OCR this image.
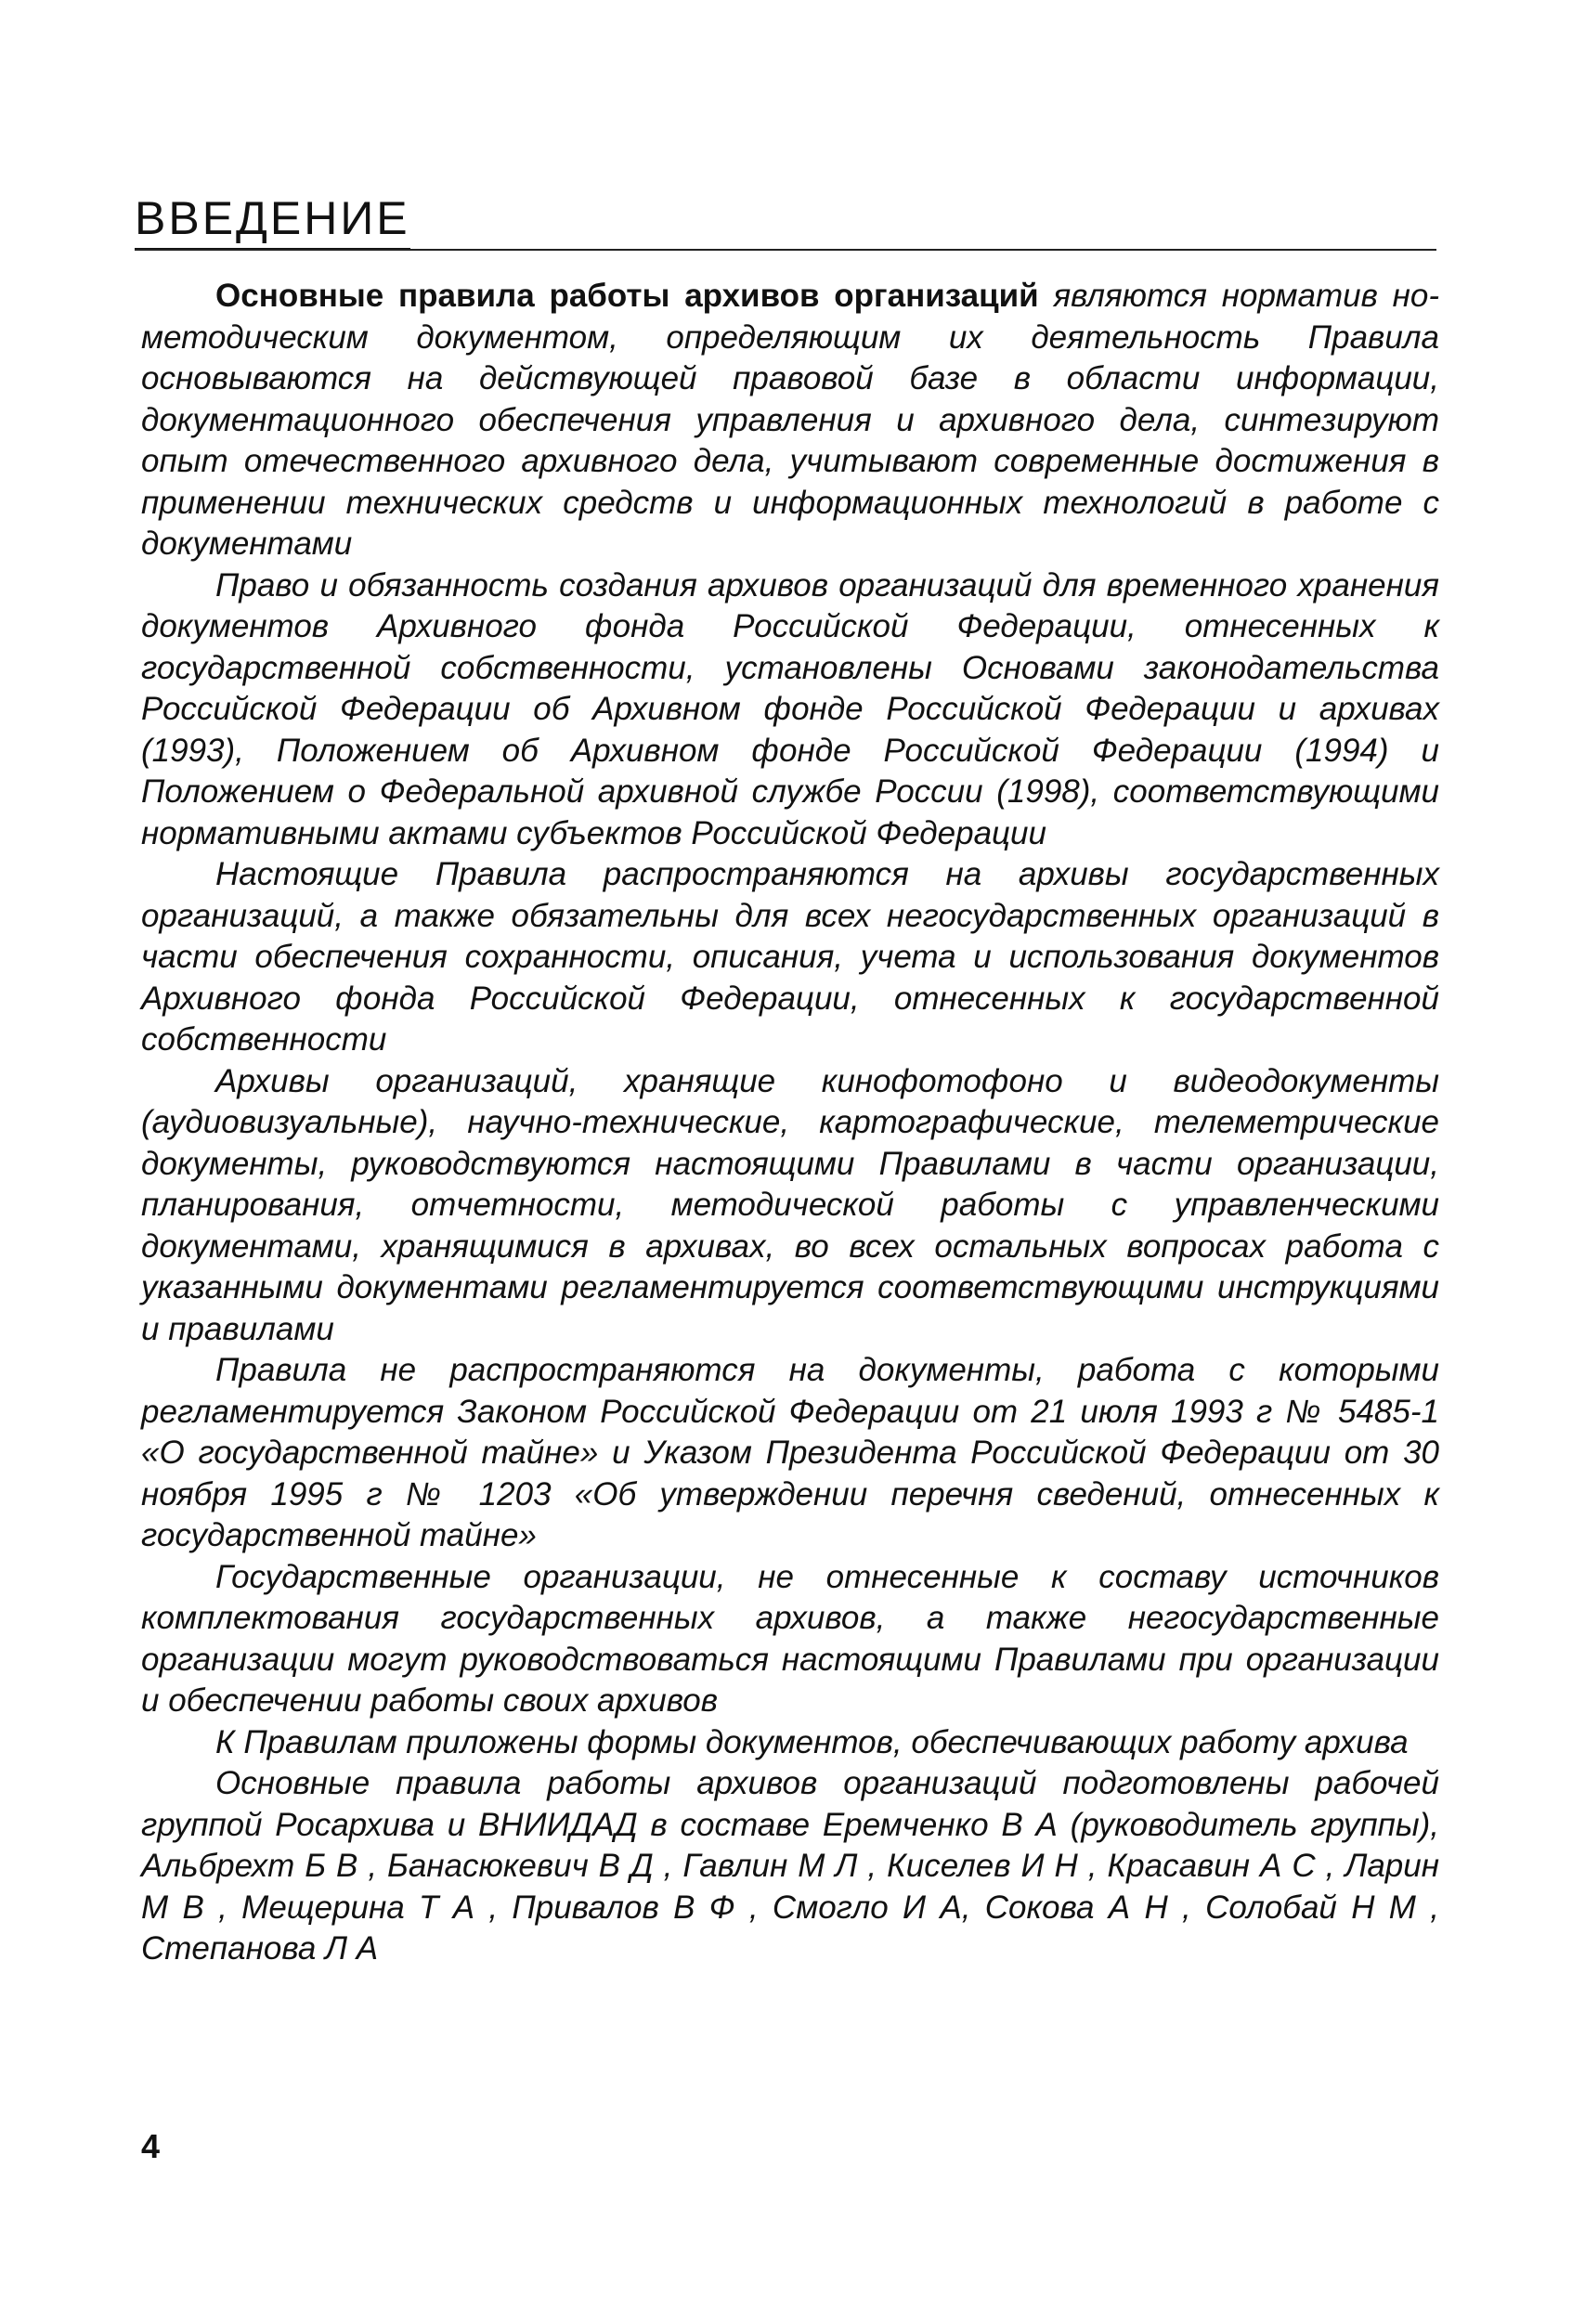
ВВЕДЕНИЕ

Основные правила работы архивов организаций являются норматив но-методическим документом, определяющим их деятельность Правила основываются на действующей правовой базе в области информации, документационного обеспечения управления и архивного дела, синтезируют опыт отечественного архивного дела, учитывают современные достижения в применении технических средств и информационных технологий в работе с документами

Право и обязанность создания архивов организаций для временного хранения документов Архивного фонда Российской Федерации, отнесенных к государственной собственности, установлены Основами законодательства Российской Федерации об Архивном фонде Российской Федерации и архивах (1993), Положением об Архивном фонде Российской Федерации (1994) и Положением о Федеральной архивной службе России (1998), соответствующими нормативными актами субъектов Российской Федерации

Настоящие Правила распространяются на архивы государственных организаций, а также обязательны для всех негосударственных организаций в части обеспечения сохранности, описания, учета и использования документов Архивного фонда Российской Федерации, отнесенных к государственной собственности

Архивы организаций, хранящие кинофотофоно и видеодокументы (аудиовизуальные), научно-технические, картографические, телеметрические документы, руководствуются настоящими Правилами в части организации, планирования, отчетности, методической работы с управленческими документами, хранящимися в архивах, во всех остальных вопросах работа с указанными документами регламентируется соответствующими инструкциями и правилами

Правила не распространяются на документы, работа с которыми регламентируется Законом Российской Федерации от 21 июля 1993 г № 5485-1 «О государственной тайне» и Указом Президента Российской Федерации от 30 ноября 1995 г № 1203 «Об утверждении перечня сведений, отнесенных к государственной тайне»

Государственные организации, не отнесенные к составу источников комплектования государственных архивов, а также негосударственные организации могут руководствоваться настоящими Правилами при организации и обеспечении работы своих архивов

К Правилам приложены формы документов, обеспечивающих работу архива

Основные правила работы архивов организаций подготовлены рабочей группой Росархива и ВНИИДАД в составе Еремченко В А (руководитель группы), Альбрехт Б В , Банасюкевич В Д , Гавлин М Л , Киселев И Н , Красавин А С , Ларин М В , Мещерина Т А , Привалов В Ф , Смогло И А, Сокова А Н , Солобай Н М , Степанова Л А

4
